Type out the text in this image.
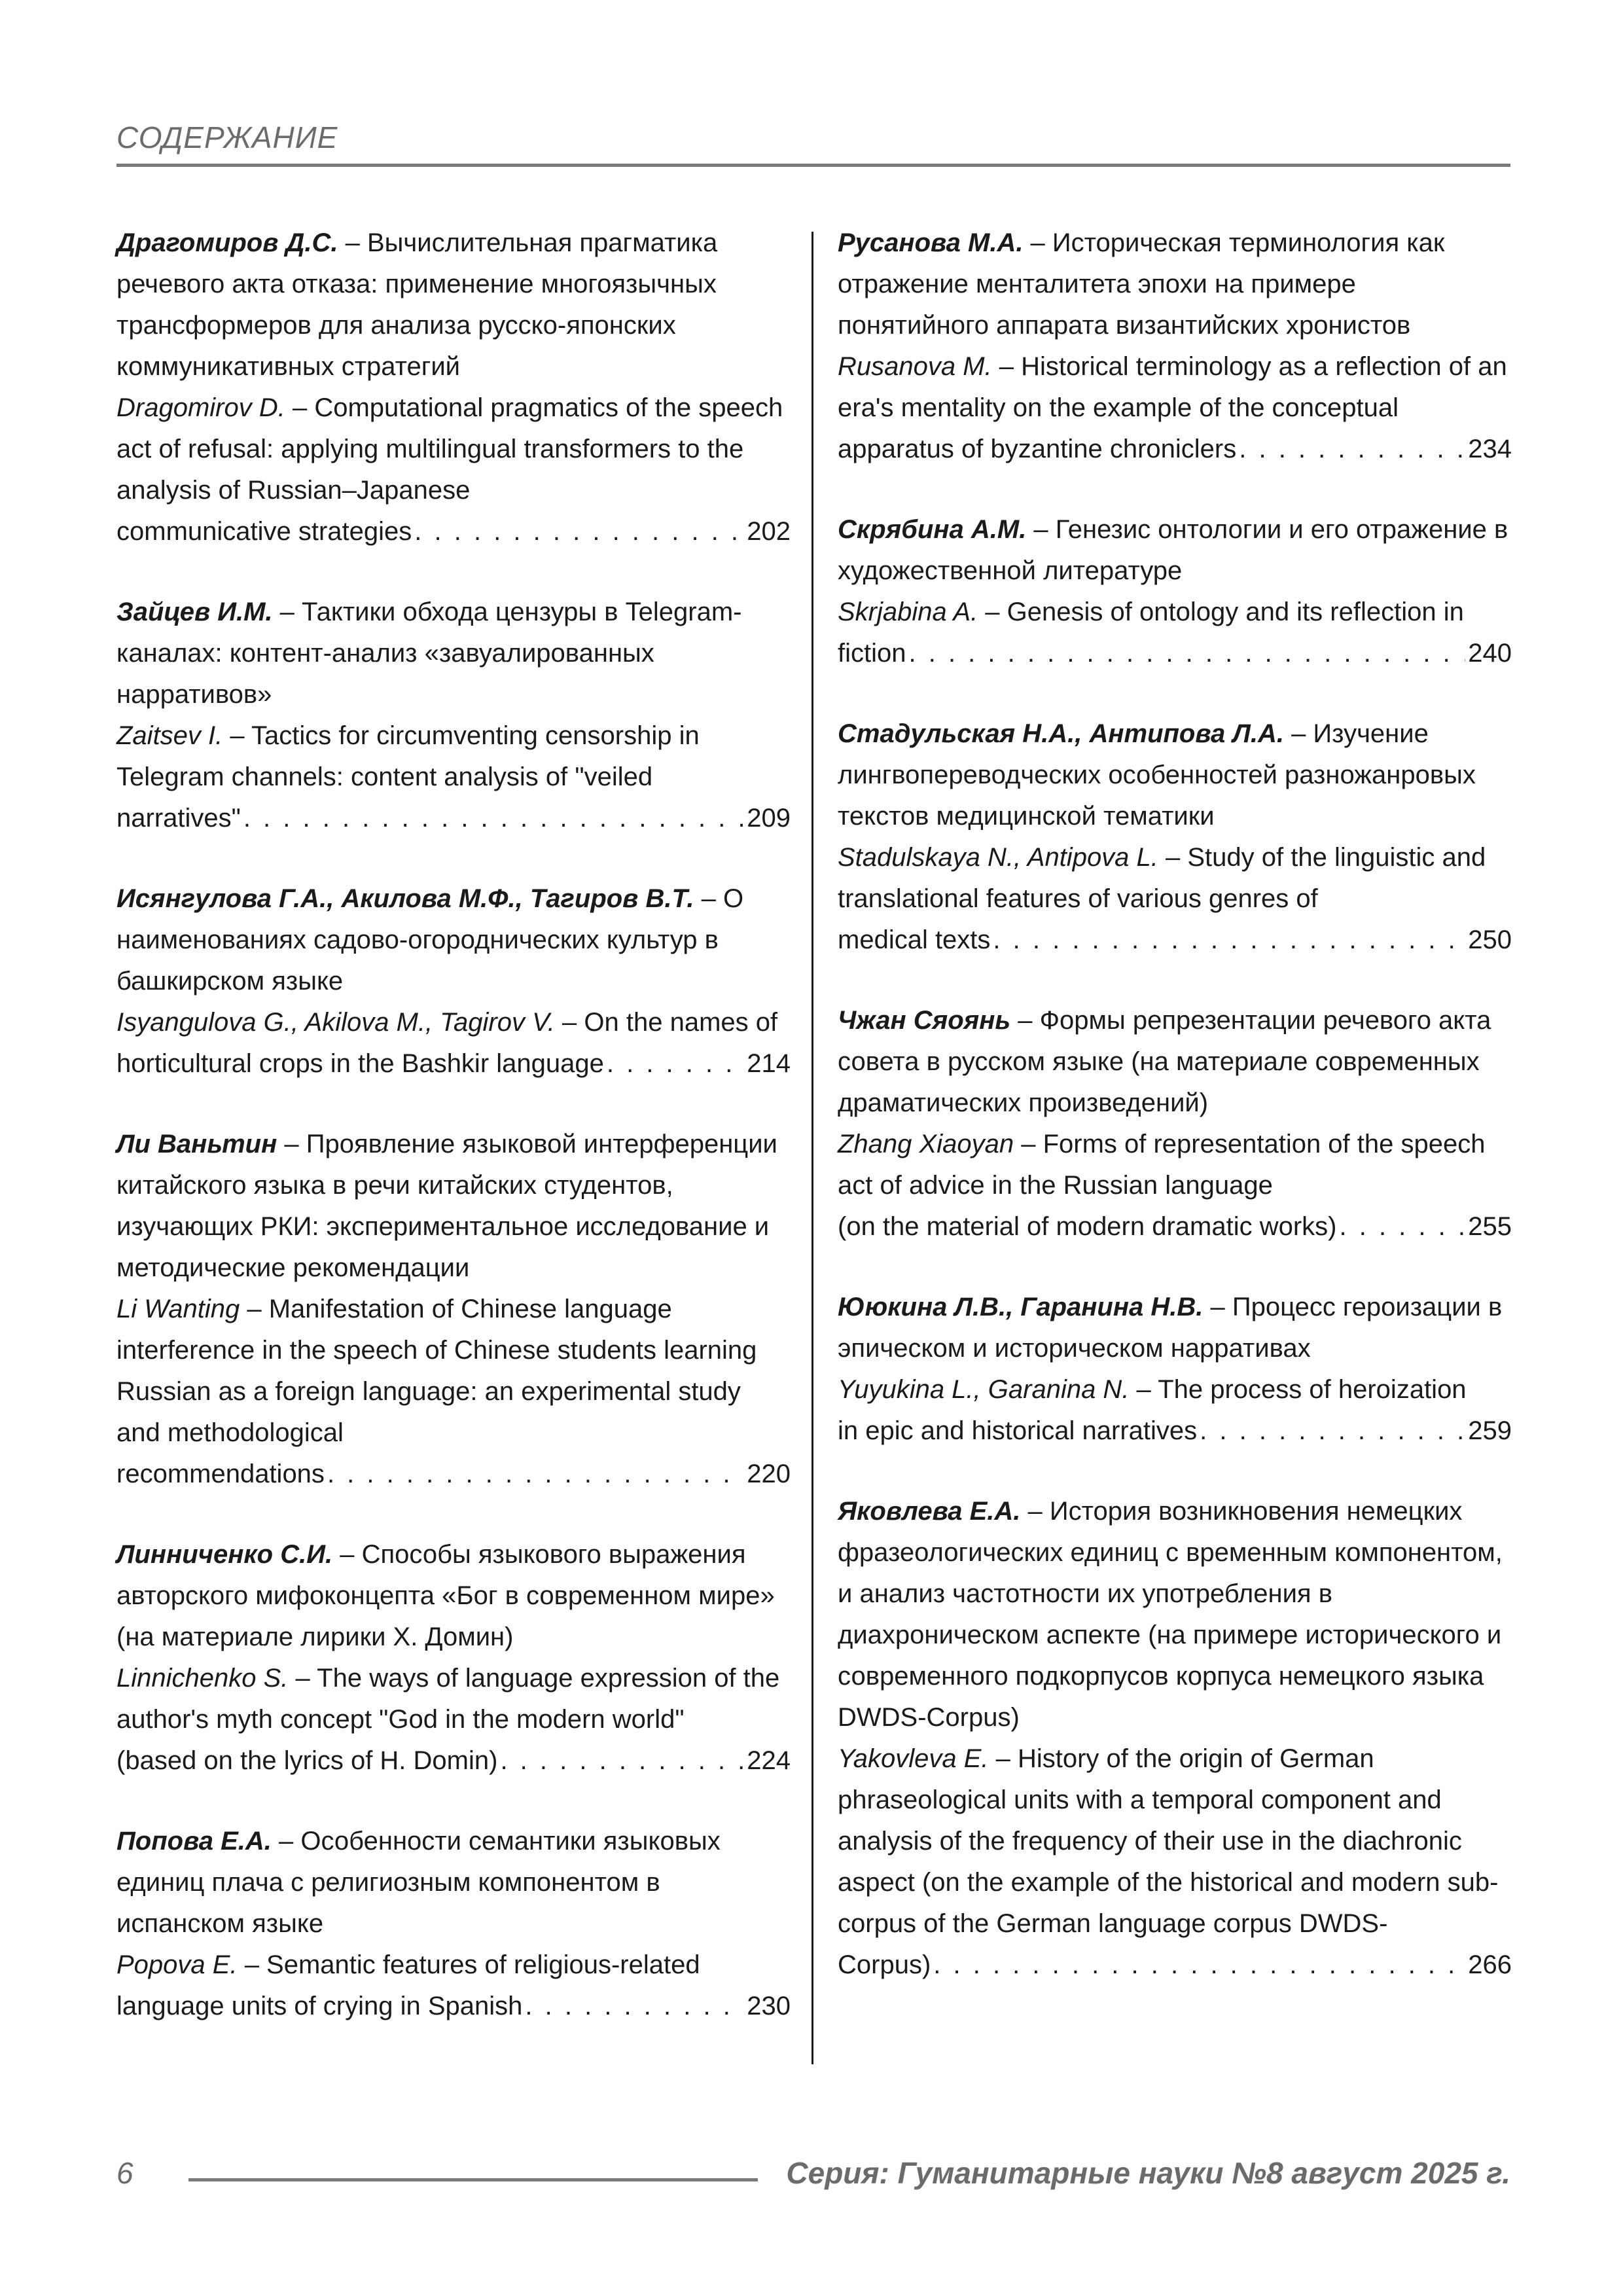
СОДЕРЖАНИЕ

Драгомиров Д.С. – Вычислительная прагматика речевого акта отказа: применение многоязычных трансформеров для анализа русско-японских коммуникативных стратегий

Dragomirov D. – Computational pragmatics of the speech act of refusal: applying multilingual transformers to the analysis of Russian–Japanese

communicative strategies . . .	202

Зайцев И.М. – Тактики обхода цензуры в Telegram-каналах: контент-анализ «завуалированных нарративов»

Zaitsev I. – Tactics for circumventing censorship in Telegram channels: content analysis of "veiled

narratives" . . .	209

Исянгулова Г.А., Акилова М.Ф., Тагиров В.Т. – О наименованиях садово-огороднических культур в башкирском языке

Isyangulova G., Akilova M., Tagirov V. – On the names of

horticultural crops in the Bashkir language . . .	214

Ли Ваньтин – Проявление языковой интерференции китайского языка в речи китайских студентов, изучающих РКИ: экспериментальное исследование и методические рекомендации

Li Wanting – Manifestation of Chinese language interference in the speech of Chinese students learning Russian as a foreign language: an experimental study and methodological

recommendations . . .	220

Линниченко С.И. – Способы языкового выражения авторского мифоконцепта «Бог в современном мире» (на материале лирики Х. Домин)

Linnichenko S. – The ways of language expression of the author's myth concept "God in the modern world"

(based on the lyrics of H. Domin) . . .	224

Попова Е.А. – Особенности семантики языковых единиц плача с религиозным компонентом в испанском языке

Popova E. – Semantic features of religious-related

language units of crying in Spanish . . .	230

Русанова М.А. – Историческая терминология как отражение менталитета эпохи на примере понятийного аппарата византийских хронистов

Rusanova M. – Historical terminology as a reflection of an era's mentality on the example of the conceptual

apparatus of byzantine chroniclers . . .	234

Скрябина А.М. – Генезис онтологии и его отражение в художественной литературе

Skrjabina A. – Genesis of ontology and its reflection in

fiction . . .	240

Стадульская Н.А., Антипова Л.А. – Изучение лингвопереводческих особенностей разножанровых текстов медицинской тематики

Stadulskaya N., Antipova L. – Study of the linguistic and translational features of various genres of

medical texts . . .	250

Чжан Сяоянь – Формы репрезентации речевого акта совета в русском языке (на материале современных драматических произведений)

Zhang Xiaoyan – Forms of representation of the speech act of advice in the Russian language

(on the material of modern dramatic works) . . .	255

Ююкина Л.В., Гаранина Н.В. – Процесс героизации в эпическом и историческом нарративах

Yuyukina L., Garanina N. – The process of heroization

in epic and historical narratives . . .	259

Яковлева Е.А. – История возникновения немецких фразеологических единиц с временным компонентом, и анализ частотности их употребления в диахроническом аспекте (на примере исторического и современного подкорпусов корпуса немецкого языка DWDS-Corpus)

Yakovleva E. – History of the origin of German phraseological units with a temporal component and analysis of the frequency of their use in the diachronic aspect (on the example of the historical and modern sub-corpus of the German language corpus DWDS-

Corpus) . . .	266
6	Серия: Гуманитарные науки №8 август 2025 г.
